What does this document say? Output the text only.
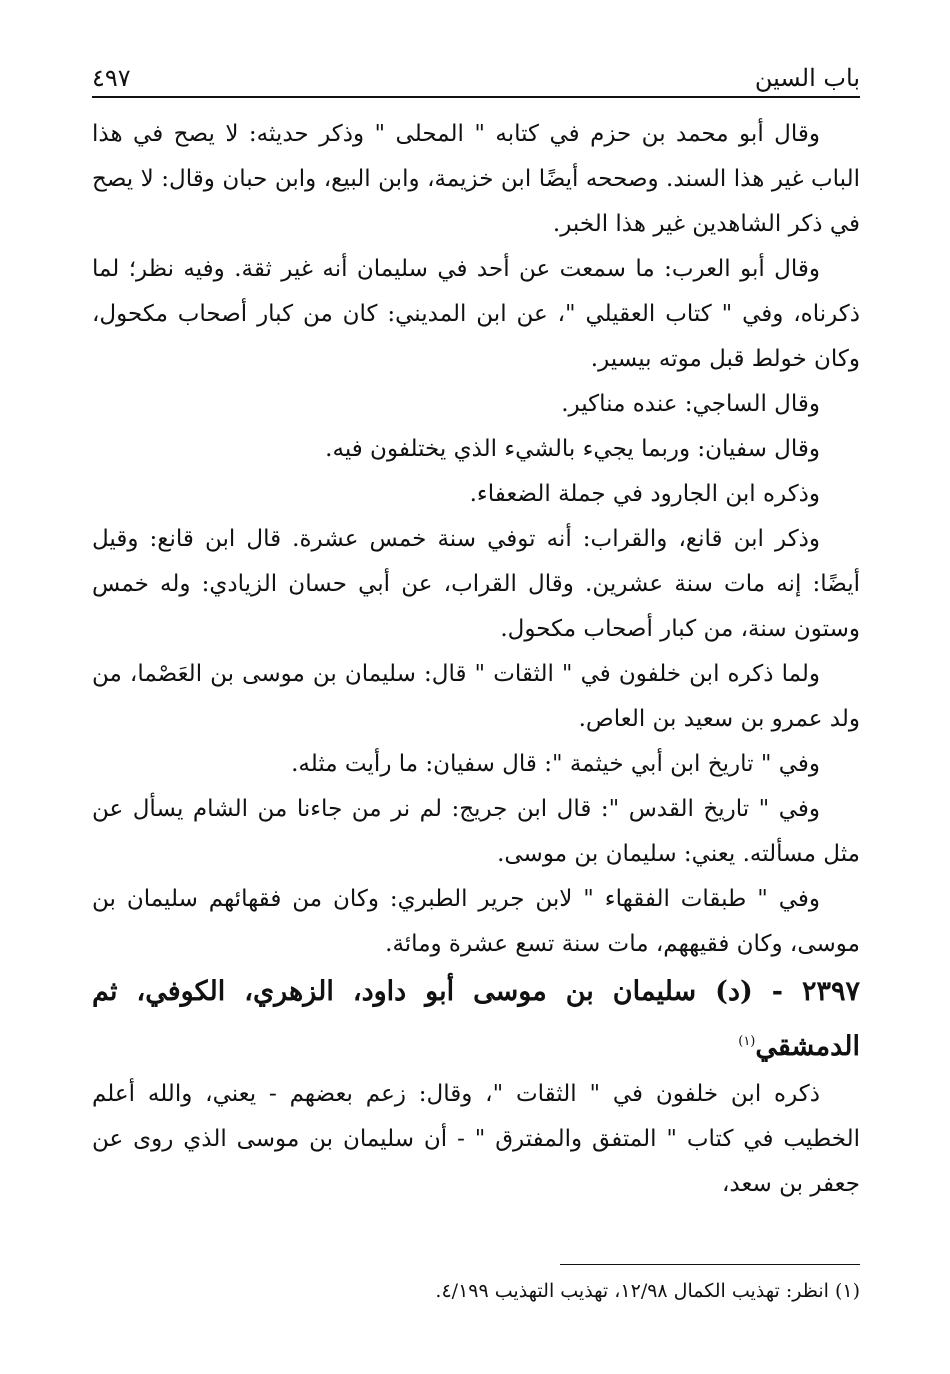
٤٩٧	باب السين

وقال أبو محمد بن حزم في كتابه " المحلى " وذكر حديثه: لا يصح في هذا الباب غير هذا السند. وصححه أيضًا ابن خزيمة، وابن البيع، وابن حبان وقال: لا يصح في ذكر الشاهدين غير هذا الخبر.

وقال أبو العرب: ما سمعت عن أحد في سليمان أنه غير ثقة. وفيه نظر؛ لما ذكرناه، وفي " كتاب العقيلي "، عن ابن المديني: كان من كبار أصحاب مكحول، وكان خولط قبل موته بيسير.

وقال الساجي: عنده مناكير.

وقال سفيان: وربما يجيء بالشيء الذي يختلفون فيه.

وذكره ابن الجارود في جملة الضعفاء.

وذكر ابن قانع، والقراب: أنه توفي سنة خمس عشرة. قال ابن قانع: وقيل أيضًا: إنه مات سنة عشرين. وقال القراب، عن أبي حسان الزيادي: وله خمس وستون سنة، من كبار أصحاب مكحول.

ولما ذكره ابن خلفون في " الثقات " قال: سليمان بن موسى بن العَصْما، من ولد عمرو بن سعيد بن العاص.

وفي " تاريخ ابن أبي خيثمة ": قال سفيان: ما رأيت مثله.

وفي " تاريخ القدس ": قال ابن جريج: لم نر من جاءنا من الشام يسأل عن مثل مسألته. يعني: سليمان بن موسى.

وفي " طبقات الفقهاء " لابن جرير الطبري: وكان من فقهائهم سليمان بن موسى، وكان فقيههم، مات سنة تسع عشرة ومائة.

٢٣٩٧ - (د) سليمان بن موسى أبو داود، الزهري، الكوفي، ثم الدمشقي$^{(١)}$

ذكره ابن خلفون في " الثقات "، وقال: زعم بعضهم - يعني، والله أعلم الخطيب في كتاب " المتفق والمفترق " - أن سليمان بن موسى الذي روى عن جعفر بن سعد،

(١) انظر: تهذيب الكمال ١٢/٩٨، تهذيب التهذيب ٤/١٩٩.
